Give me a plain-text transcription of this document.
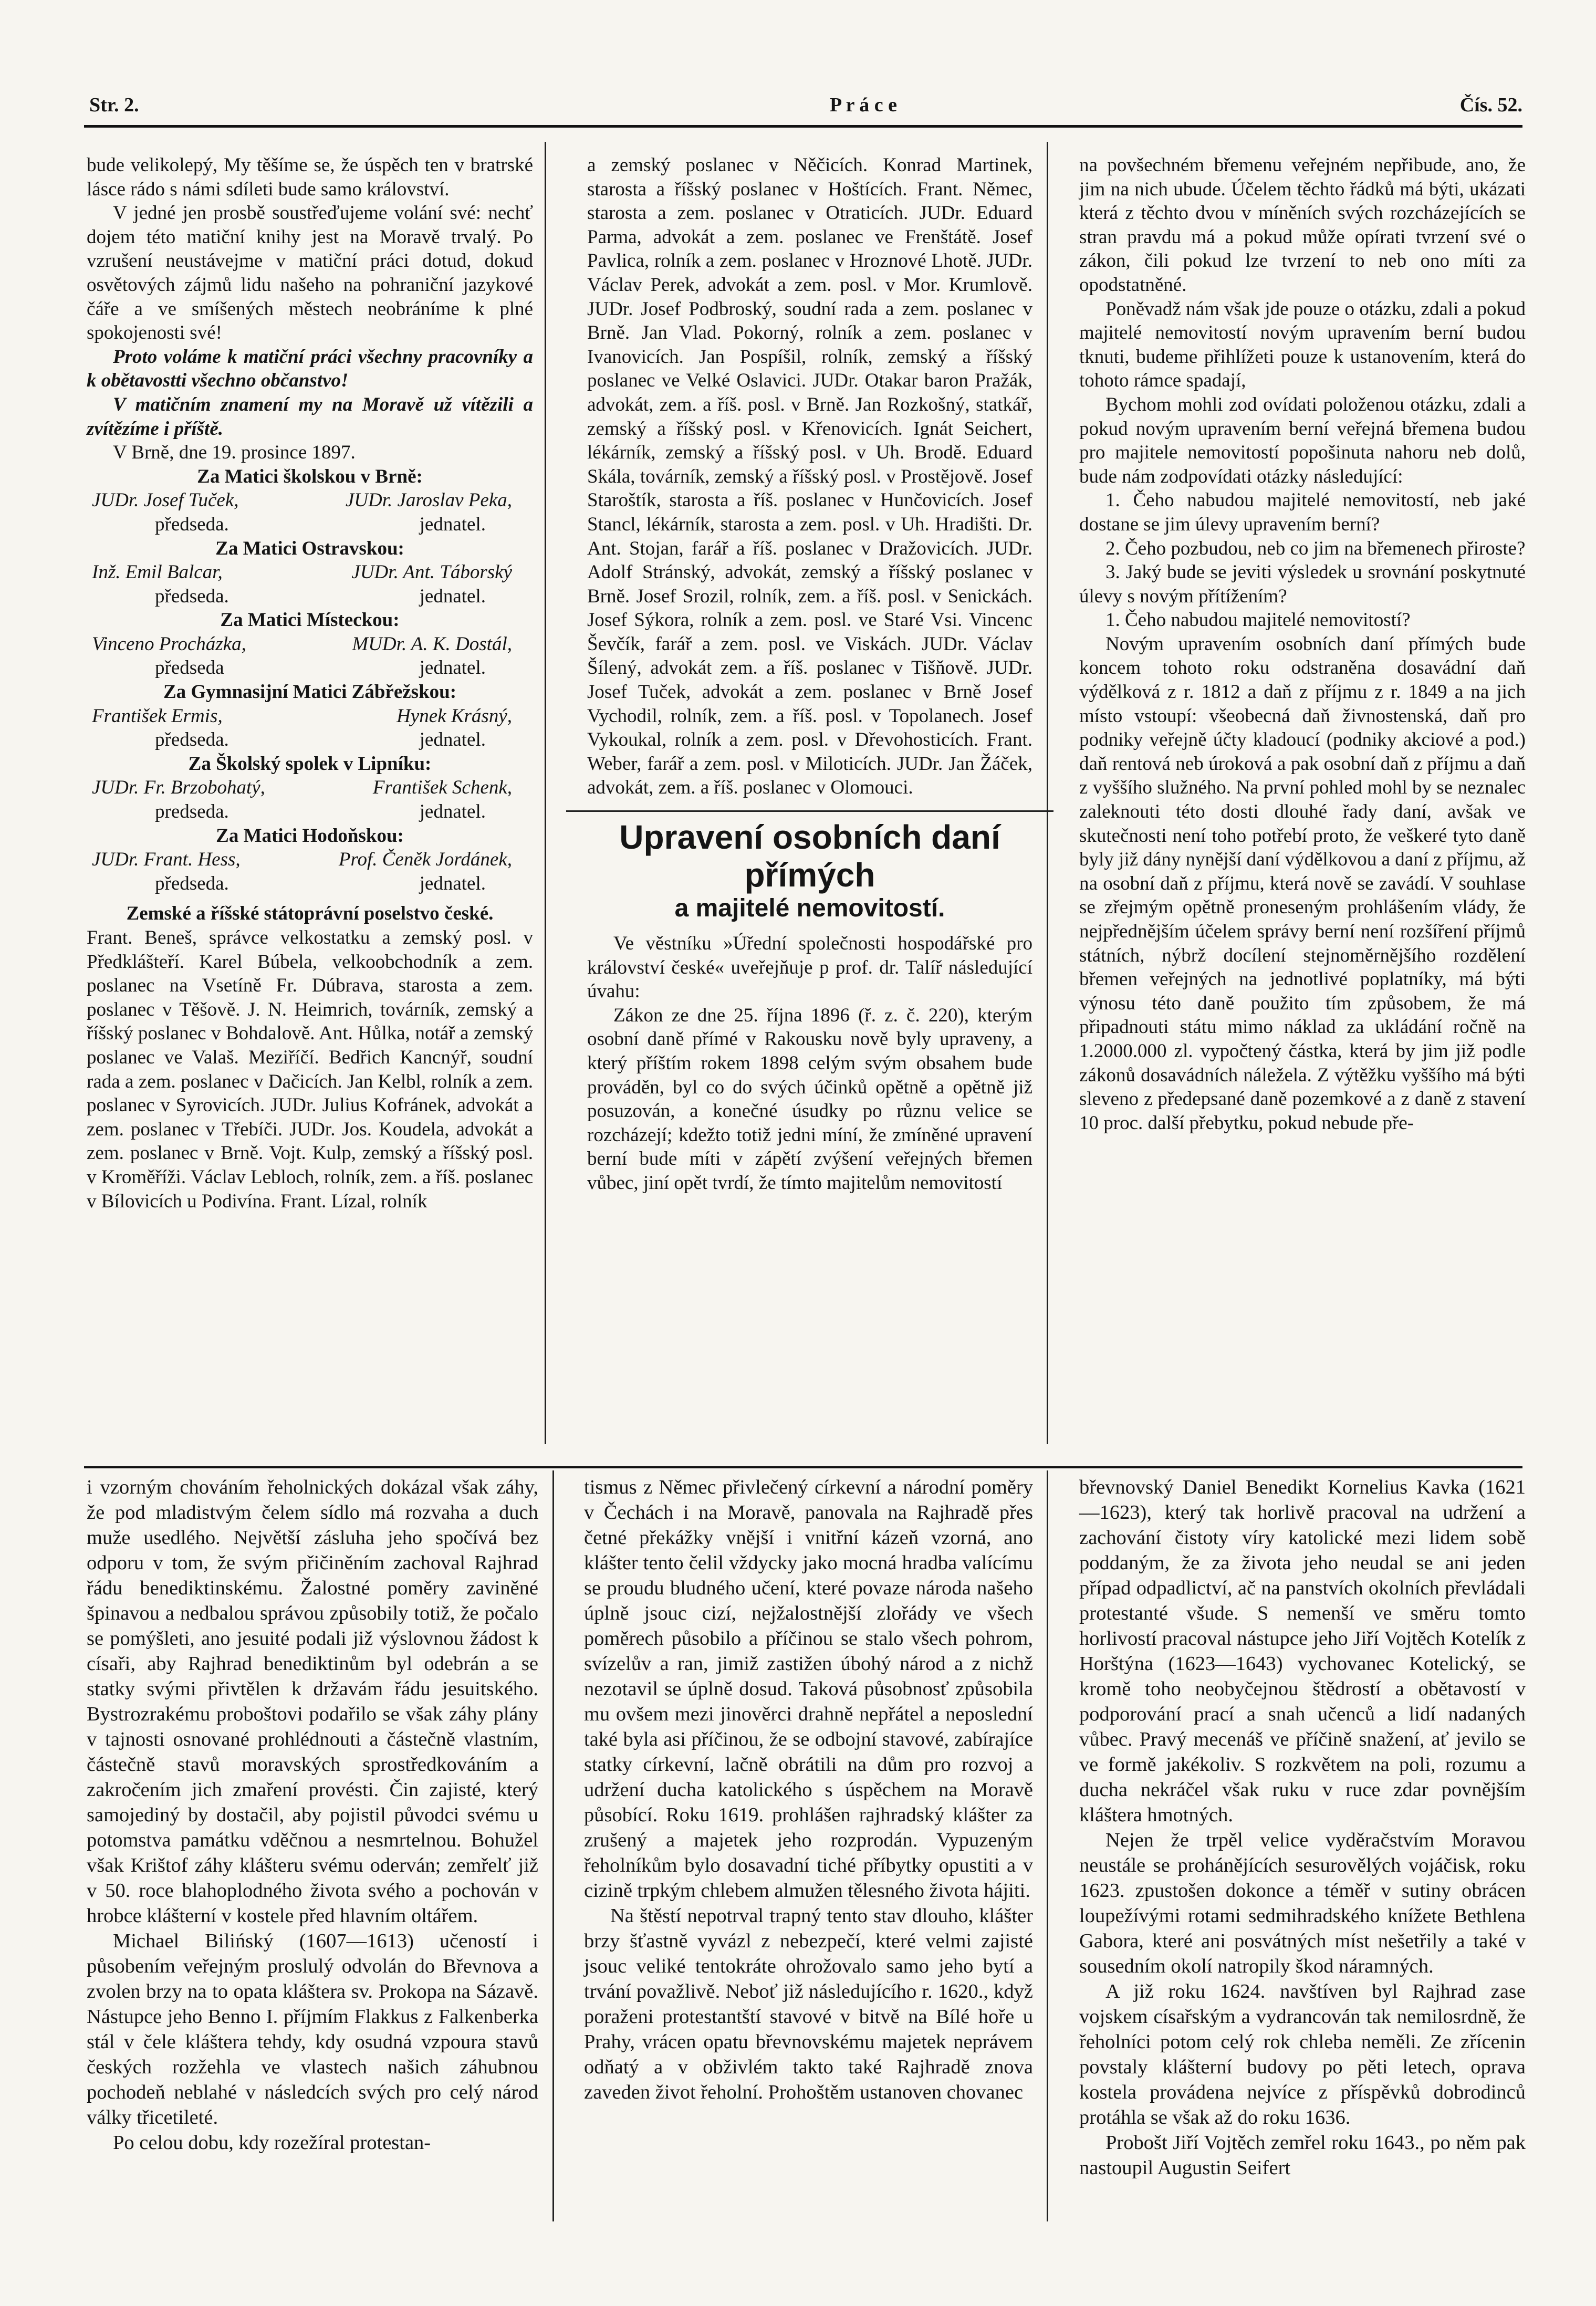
Str. 2.	P r á c e	Čís. 52.

bude velikolepý, My těšíme se, že úspěch ten v bratrské lásce rádo s námi sdíleti bude samo království.

V jedné jen prosbě soustřeďujeme volání své: nechť dojem této matiční knihy jest na Moravě trvalý. Po vzrušení neustávejme v matiční práci dotud, dokud osvětových zájmů lidu našeho na pohraniční jazykové čáře a ve smíšených městech neobráníme k plné spokojenosti své!

Proto voláme k matiční práci všechny pracovníky a k obětavostti všechno občanstvo!

V matičním znamení my na Moravě už vítězili a zvítězíme i příště.

V Brně, dne 19. prosince 1897.

Za Matici školskou v Brně:

JUDr. Josef Tuček,	JUDr. Jaroslav Peka,
předseda.	jednatel.

Za Matici Ostravskou:

Inž. Emil Balcar,	JUDr. Ant. Táborský
předseda.	jednatel.

Za Matici Místeckou:

Vinceno Procházka,	MUDr. A. K. Dostál,
předseda	jednatel.

Za Gymnasijní Matici Zábřežskou:

František Ermis,	Hynek Krásný,
předseda.	jednatel.

Za Školský spolek v Lipníku:

JUDr. Fr. Brzobohatý,	František Schenk,
predseda.	jednatel.

Za Matici Hodoňskou:

JUDr. Frant. Hess,	Prof. Čeněk Jordánek,
předseda.	jednatel.

Zemské a říšské státoprávní poselstvo české.

Frant. Beneš, správce velkostatku a zemský posl. v Předklášteří. Karel Búbela, velkoobchodník a zem. poslanec na Vsetíně Fr. Dúbrava, starosta a zem. poslanec v Těšově. J. N. Heimrich, továrník, zemský a říšský poslanec v Bohdalově. Ant. Hůlka, notář a zemský poslanec ve Valaš. Meziříčí. Bedřich Kancnýř, soudní rada a zem. poslanec v Dačicích. Jan Kelbl, rolník a zem. poslanec v Syrovicích. JUDr. Julius Kofránek, advokát a zem. poslanec v Třebíči. JUDr. Jos. Koudela, advokát a zem. poslanec v Brně. Vojt. Kulp, zemský a říšský posl. v Kroměříži. Václav Lebloch, rolník, zem. a říš. poslanec v Bílovicích u Podivína. Frant. Lízal, rolník

a zemský poslanec v Něčicích. Konrad Martinek, starosta a říšský poslanec v Hoštících. Frant. Němec, starosta a zem. poslanec v Otraticích. JUDr. Eduard Parma, advokát a zem. poslanec ve Frenštátě. Josef Pavlica, rolník a zem. poslanec v Hroznové Lhotě. JUDr. Václav Perek, advokát a zem. posl. v Mor. Krumlově. JUDr. Josef Podbroský, soudní rada a zem. poslanec v Brně. Jan Vlad. Pokorný, rolník a zem. poslanec v Ivanovicích. Jan Pospíšil, rolník, zemský a říšský poslanec ve Velké Oslavici. JUDr. Otakar baron Pražák, advokát, zem. a říš. posl. v Brně. Jan Rozkošný, statkář, zemský a říšský posl. v Křenovicích. Ignát Seichert, lékárník, zemský a říšský posl. v Uh. Brodě. Eduard Skála, továrník, zemský a říšský posl. v Prostějově. Josef Staroštík, starosta a říš. poslanec v Hunčovicích. Josef Stancl, lékárník, starosta a zem. posl. v Uh. Hradišti. Dr. Ant. Stojan, farář a říš. poslanec v Dražovicích. JUDr. Adolf Stránský, advokát, zemský a říšský poslanec v Brně. Josef Srozil, rolník, zem. a říš. posl. v Senickách. Josef Sýkora, rolník a zem. posl. ve Staré Vsi. Vincenc Ševčík, farář a zem. posl. ve Viskách. JUDr. Václav Šílený, advokát zem. a říš. poslanec v Tišňově. JUDr. Josef Tuček, advokát a zem. poslanec v Brně Josef Vychodil, rolník, zem. a říš. posl. v Topolanech. Josef Vykoukal, rolník a zem. posl. v Dřevohosticích. Frant. Weber, farář a zem. posl. v Miloticích. JUDr. Jan Žáček, advokát, zem. a říš. poslanec v Olomouci.

Upravení osobních daní přímých
a majitelé nemovitostí.

Ve věstníku »Úřední společnosti hospodářské pro království české« uveřejňuje p prof. dr. Talíř následující úvahu:

Zákon ze dne 25. října 1896 (ř. z. č. 220), kterým osobní daně přímé v Rakousku nově byly upraveny, a který příštím rokem 1898 celým svým obsahem bude prováděn, byl co do svých účinků opětně a opětně již posuzován, a konečné úsudky po různu velice se rozcházejí; kdežto totiž jedni míní, že zmíněné upravení berní bude míti v zápětí zvýšení veřejných břemen vůbec, jiní opět tvrdí, že tímto majitelům nemovitostí

na povšechném břemenu veřejném nepřibude, ano, že jim na nich ubude. Účelem těchto řádků má býti, ukázati která z těchto dvou v míněních svých rozcházejících se stran pravdu má a pokud může opírati tvrzení své o zákon, čili pokud lze tvrzení to neb ono míti za opodstatněné.

Poněvadž nám však jde pouze o otázku, zdali a pokud majitelé nemovitostí novým upravením berní budou tknuti, budeme přihlížeti pouze k ustanovením, která do tohoto rámce spadají,

Bychom mohli zod ovídati položenou otázku, zdali a pokud novým upravením berní veřejná břemena budou pro majitele nemovitostí popošinuta nahoru neb dolů, bude nám zodpovídati otázky následující:

1. Čeho nabudou majitelé nemovitostí, neb jaké dostane se jim úlevy upravením berní?

2. Čeho pozbudou, neb co jim na břemenech přiroste?

3. Jaký bude se jeviti výsledek u srovnání poskytnuté úlevy s novým přítížením?

1. Čeho nabudou majitelé nemovitostí?

Novým upravením osobních daní přímých bude koncem tohoto roku odstraněna dosavádní daň výdělková z r. 1812 a daň z příjmu z r. 1849 a na jich místo vstoupí: všeobecná daň živnostenská, daň pro podniky veřejně účty kladoucí (podniky akciové a pod.) daň rentová neb úroková a pak osobní daň z příjmu a daň z vyššího služného. Na první pohled mohl by se neznalec zaleknouti této dosti dlouhé řady daní, avšak ve skutečnosti není toho potřebí proto, že veškeré tyto daně byly již dány nynější daní výdělkovou a daní z příjmu, až na osobní daň z příjmu, která nově se zavádí. V souhlase se zřejmým opětně proneseným prohlášením vlády, že nejpřednějším účelem správy berní není rozšíření příjmů státních, nýbrž docílení stejnoměrnějšího rozdělení břemen veřejných na jednotlivé poplatníky, má býti výnosu této daně použito tím způsobem, že má připadnouti státu mimo náklad za ukládání ročně na 1.2000.000 zl. vypočtený částka, která by jim již podle zákonů dosavádních náležela. Z výtěžku vyššího má býti sleveno z předepsané daně pozemkové a z daně z stavení 10 proc. další přebytku, pokud nebude pře-

i vzorným chováním řeholnických dokázal však záhy, že pod mladistvým čelem sídlo má rozvaha a duch muže usedlého. Největší zásluha jeho spočívá bez odporu v tom, že svým přičiněním zachoval Rajhrad řádu benediktinskému. Žalostné poměry zaviněné špinavou a nedbalou správou způsobily totiž, že počalo se pomýšleti, ano jesuité podali již výslovnou žádost k císaři, aby Rajhrad benediktinům byl odebrán a se statky svými přivtělen k državám řádu jesuitského. Bystrozrakému proboštovi podařilo se však záhy plány v tajnosti osnované prohlédnouti a částečně vlastním, částečně stavů moravských sprostředkováním a zakročením jich zmaření provésti. Čin zajisté, který samojediný by dostačil, aby pojistil původci svému u potomstva památku vděčnou a nesmrtelnou. Bohužel však Krištof záhy klášteru svému oderván; zemřelť již v 50. roce blahoplodného života svého a pochován v hrobce klášterní v kostele před hlavním oltářem.

Michael Bilińský (1607—1613) učeností i působením veřejným proslulý odvolán do Břevnova a zvolen brzy na to opata kláštera sv. Prokopa na Sázavě. Nástupce jeho Benno I. příjmím Flakkus z Falkenberka stál v čele kláštera tehdy, kdy osudná vzpoura stavů českých rozžehla ve vlastech našich záhubnou pochodeň neblahé v následcích svých pro celý národ války třicetileté.

Po celou dobu, kdy rozežíral protestan-

tismus z Němec přivlečený církevní a národní poměry v Čechách i na Moravě, panovala na Rajhradě přes četné překážky vnější i vnitřní kázeň vzorná, ano klášter tento čelil vždycky jako mocná hradba valícímu se proudu bludného učení, které povaze národa našeho úplně jsouc cizí, nejžalostnější zlořády ve všech poměrech působilo a příčinou se stalo všech pohrom, svízelův a ran, jimiž zastižen úbohý národ a z nichž nezotavil se úplně dosud. Taková působnosť způsobila mu ovšem mezi jinověrci drahně nepřátel a neposlední také byla asi příčinou, že se odbojní stavové, zabírajíce statky církevní, lačně obrátili na dům pro rozvoj a udržení ducha katolického s úspěchem na Moravě působící. Roku 1619. prohlášen rajhradský klášter za zrušený a majetek jeho rozprodán. Vypuzeným řeholníkům bylo dosavadní tiché příbytky opustiti a v cizině trpkým chlebem almužen tělesného života hájiti.

Na štěstí nepotrval trapný tento stav dlouho, klášter brzy šťastně vyvázl z nebezpečí, které velmi zajisté jsouc veliké tentokráte ohrožovalo samo jeho bytí a trvání považlivě. Neboť již následujícího r. 1620., když poraženi protestantští stavové v bitvě na Bílé hoře u Prahy, vrácen opatu břevnovskému majetek neprávem odňatý a v obživlém takto také Rajhradě znova zaveden život řeholní. Prohoštěm ustanoven chovanec

břevnovský Daniel Benedikt Kornelius Kavka (1621—1623), který tak horlivě pracoval na udržení a zachování čistoty víry katolické mezi lidem sobě poddaným, že za života jeho neudal se ani jeden případ odpadlictví, ač na panstvích okolních převládali protestanté všude. S nemenší ve směru tomto horlivostí pracoval nástupce jeho Jiří Vojtěch Kotelík z Horštýna (1623—1643) vychovanec Kotelický, se kromě toho neobyčejnou štědrostí a obětavostí v podporování prací a snah učenců a lidí nadaných vůbec. Pravý mecenáš ve příčině snažení, ať jevilo se ve formě jakékoliv. S rozkvětem na poli, rozumu a ducha nekráčel však ruku v ruce zdar povnějším kláštera hmotných.

Nejen že trpěl velice vyděračstvím Moravou neustále se prohánějících sesurovělých vojáčisk, roku 1623. zpustošen dokonce a téměř v sutiny obrácen loupežívými rotami sedmihradského knížete Bethlena Gabora, které ani posvátných míst nešetřily a také v sousedním okolí natropily škod náramných.

A již roku 1624. navštíven byl Rajhrad zase vojskem císařským a vydrancován tak nemilosrdně, že řeholníci potom celý rok chleba neměli. Ze zřícenin povstaly klášterní budovy po pěti letech, oprava kostela provádena nejvíce z příspěvků dobrodinců protáhla se však až do roku 1636.

Probošt Jiří Vojtěch zemřel roku 1643., po něm pak nastoupil Augustin Seifert
